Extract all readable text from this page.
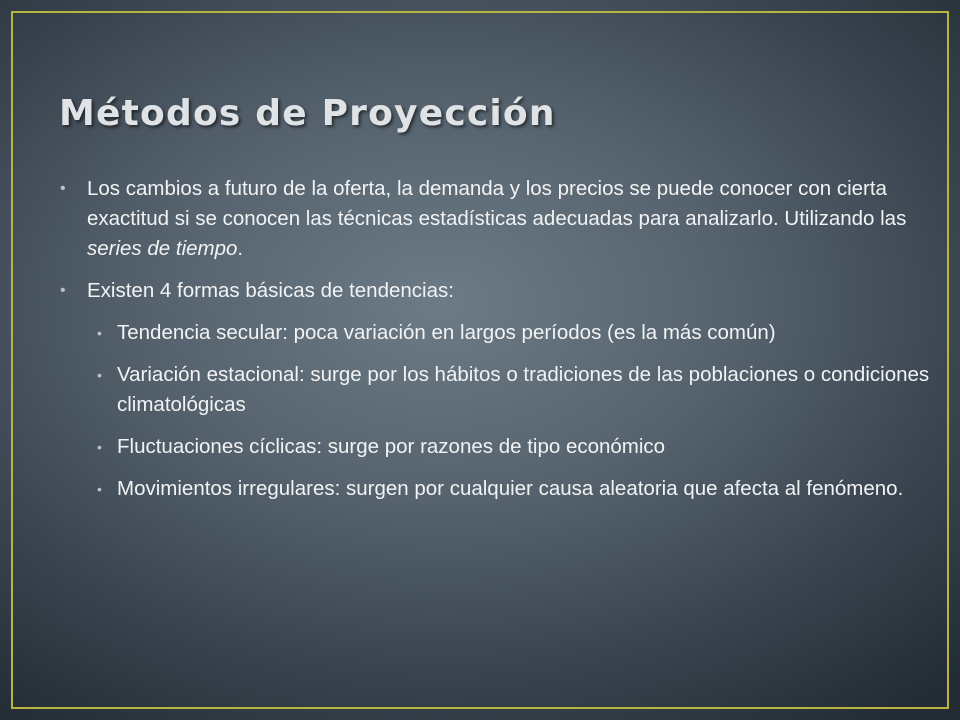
Métodos de Proyección
• Los cambios a futuro de la oferta, la demanda y los precios se puede conocer con cierta exactitud si se conocen las técnicas estadísticas adecuadas para analizarlo. Utilizando las series de tiempo.
• Existen 4 formas básicas de tendencias:
• Tendencia secular: poca variación en largos períodos (es la más común)
• Variación estacional: surge por los hábitos o tradiciones de las poblaciones o condiciones climatológicas
• Fluctuaciones cíclicas: surge por razones de tipo económico
• Movimientos irregulares: surgen por cualquier causa aleatoria que afecta al fenómeno.
